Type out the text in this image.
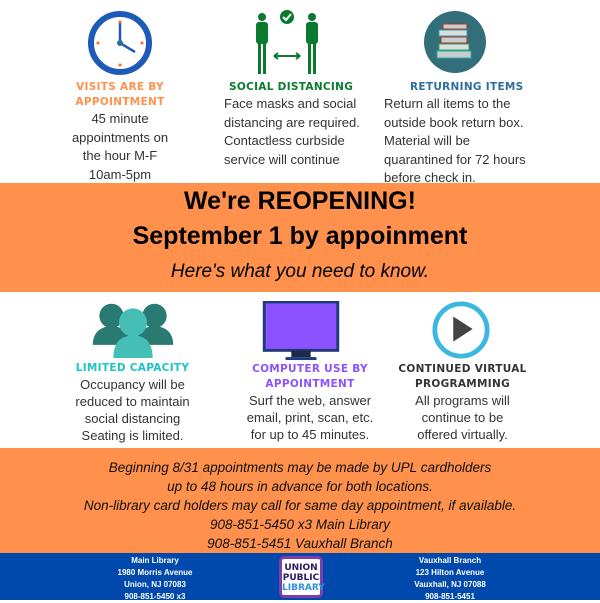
VISITS ARE BY
APPOINTMENT
45 minute
appointments on
the hour M-F
10am-5pm
SOCIAL DISTANCING
Face masks and social
distancing are required.
Contactless curbside
service will continue
RETURNING ITEMS
Return all items to the
outside book return box.
Material will be
quarantined for 72 hours
before check in.
We're REOPENING!
September 1 by appoinment
Here's what you need to know.
LIMITED CAPACITY
Occupancy will be
reduced to maintain
social distancing
Seating is limited.
COMPUTER USE BY
APPOINTMENT
Surf the web, answer
email, print, scan, etc.
for up to 45 minutes.
CONTINUED VIRTUAL
PROGRAMMING
All programs will
continue to be
offered virtually.
Beginning 8/31 appointments may be made by UPL cardholders
up to 48 hours in advance for both locations.
Non-library card holders may call for same day appointment, if available.
908-851-5450 x3 Main Library
908-851-5451 Vauxhall Branch
Main Library
1980 Morris Avenue
Union, NJ 07083
908-851-5450 x3
UNION
PUBLIC
LIBRARY
Vauxhall Branch
123 Hilton Avenue
Vauxhall, NJ 07088
908-851-5451
